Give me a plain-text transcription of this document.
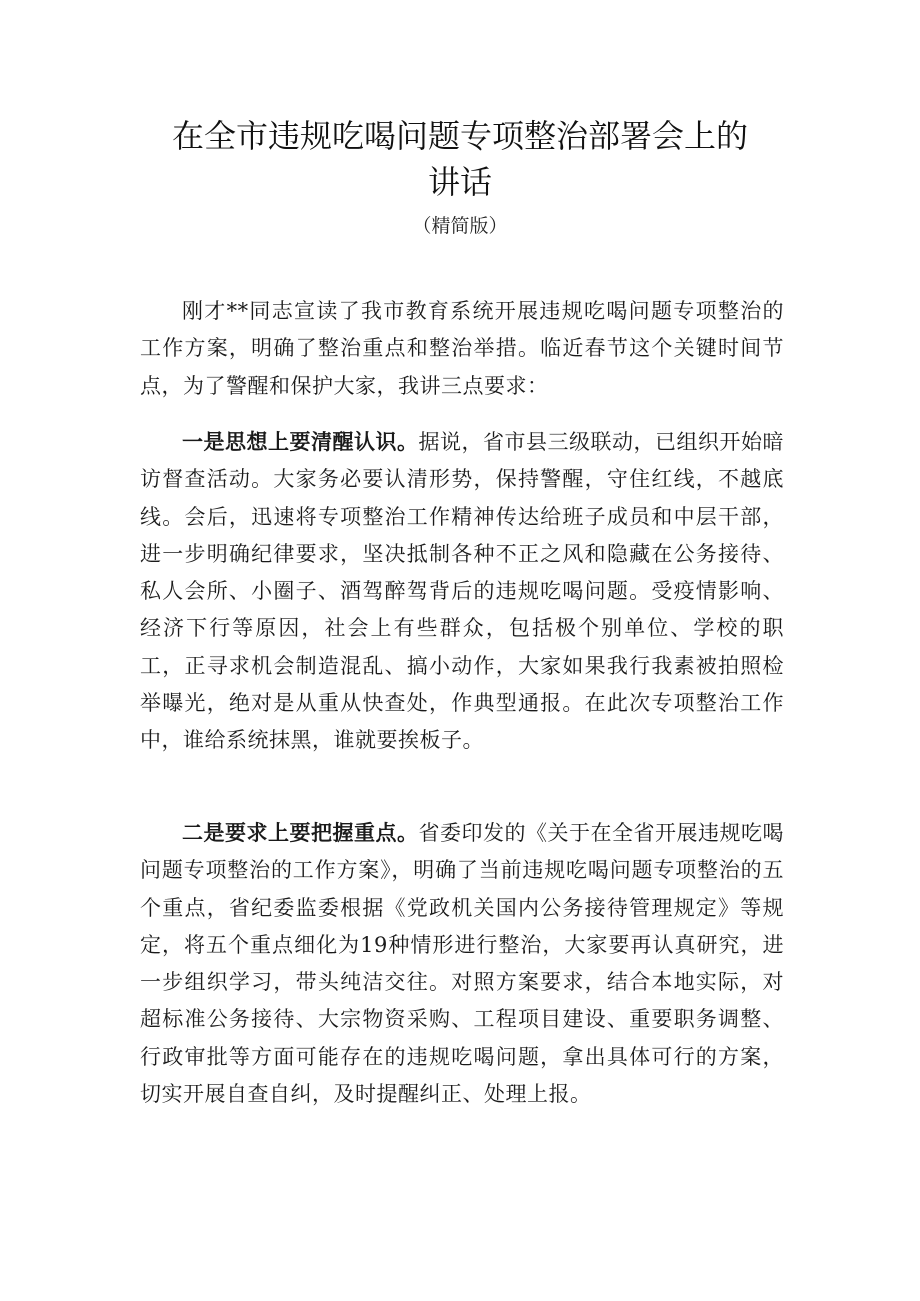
在全市违规吃喝问题专项整治部署会上的
讲话
（精简版）

刚才**同志宣读了我市教育系统开展违规吃喝问题专项整治的工作方案，明确了整治重点和整治举措。临近春节这个关键时间节点，为了警醒和保护大家，我讲三点要求：

一是思想上要清醒认识。据说，省市县三级联动，已组织开始暗访督查活动。大家务必要认清形势，保持警醒，守住红线，不越底线。会后，迅速将专项整治工作精神传达给班子成员和中层干部，进一步明确纪律要求，坚决抵制各种不正之风和隐藏在公务接待、私人会所、小圈子、酒驾醉驾背后的违规吃喝问题。受疫情影响、经济下行等原因，社会上有些群众，包括极个别单位、学校的职工，正寻求机会制造混乱、搞小动作，大家如果我行我素被拍照检举曝光，绝对是从重从快查处，作典型通报。在此次专项整治工作中，谁给系统抹黑，谁就要挨板子。

二是要求上要把握重点。省委印发的《关于在全省开展违规吃喝问题专项整治的工作方案》，明确了当前违规吃喝问题专项整治的五个重点，省纪委监委根据《党政机关国内公务接待管理规定》等规定，将五个重点细化为19种情形进行整治，大家要再认真研究，进一步组织学习，带头纯洁交往。对照方案要求，结合本地实际，对超标准公务接待、大宗物资采购、工程项目建设、重要职务调整、行政审批等方面可能存在的违规吃喝问题，拿出具体可行的方案，切实开展自查自纠，及时提醒纠正、处理上报。
